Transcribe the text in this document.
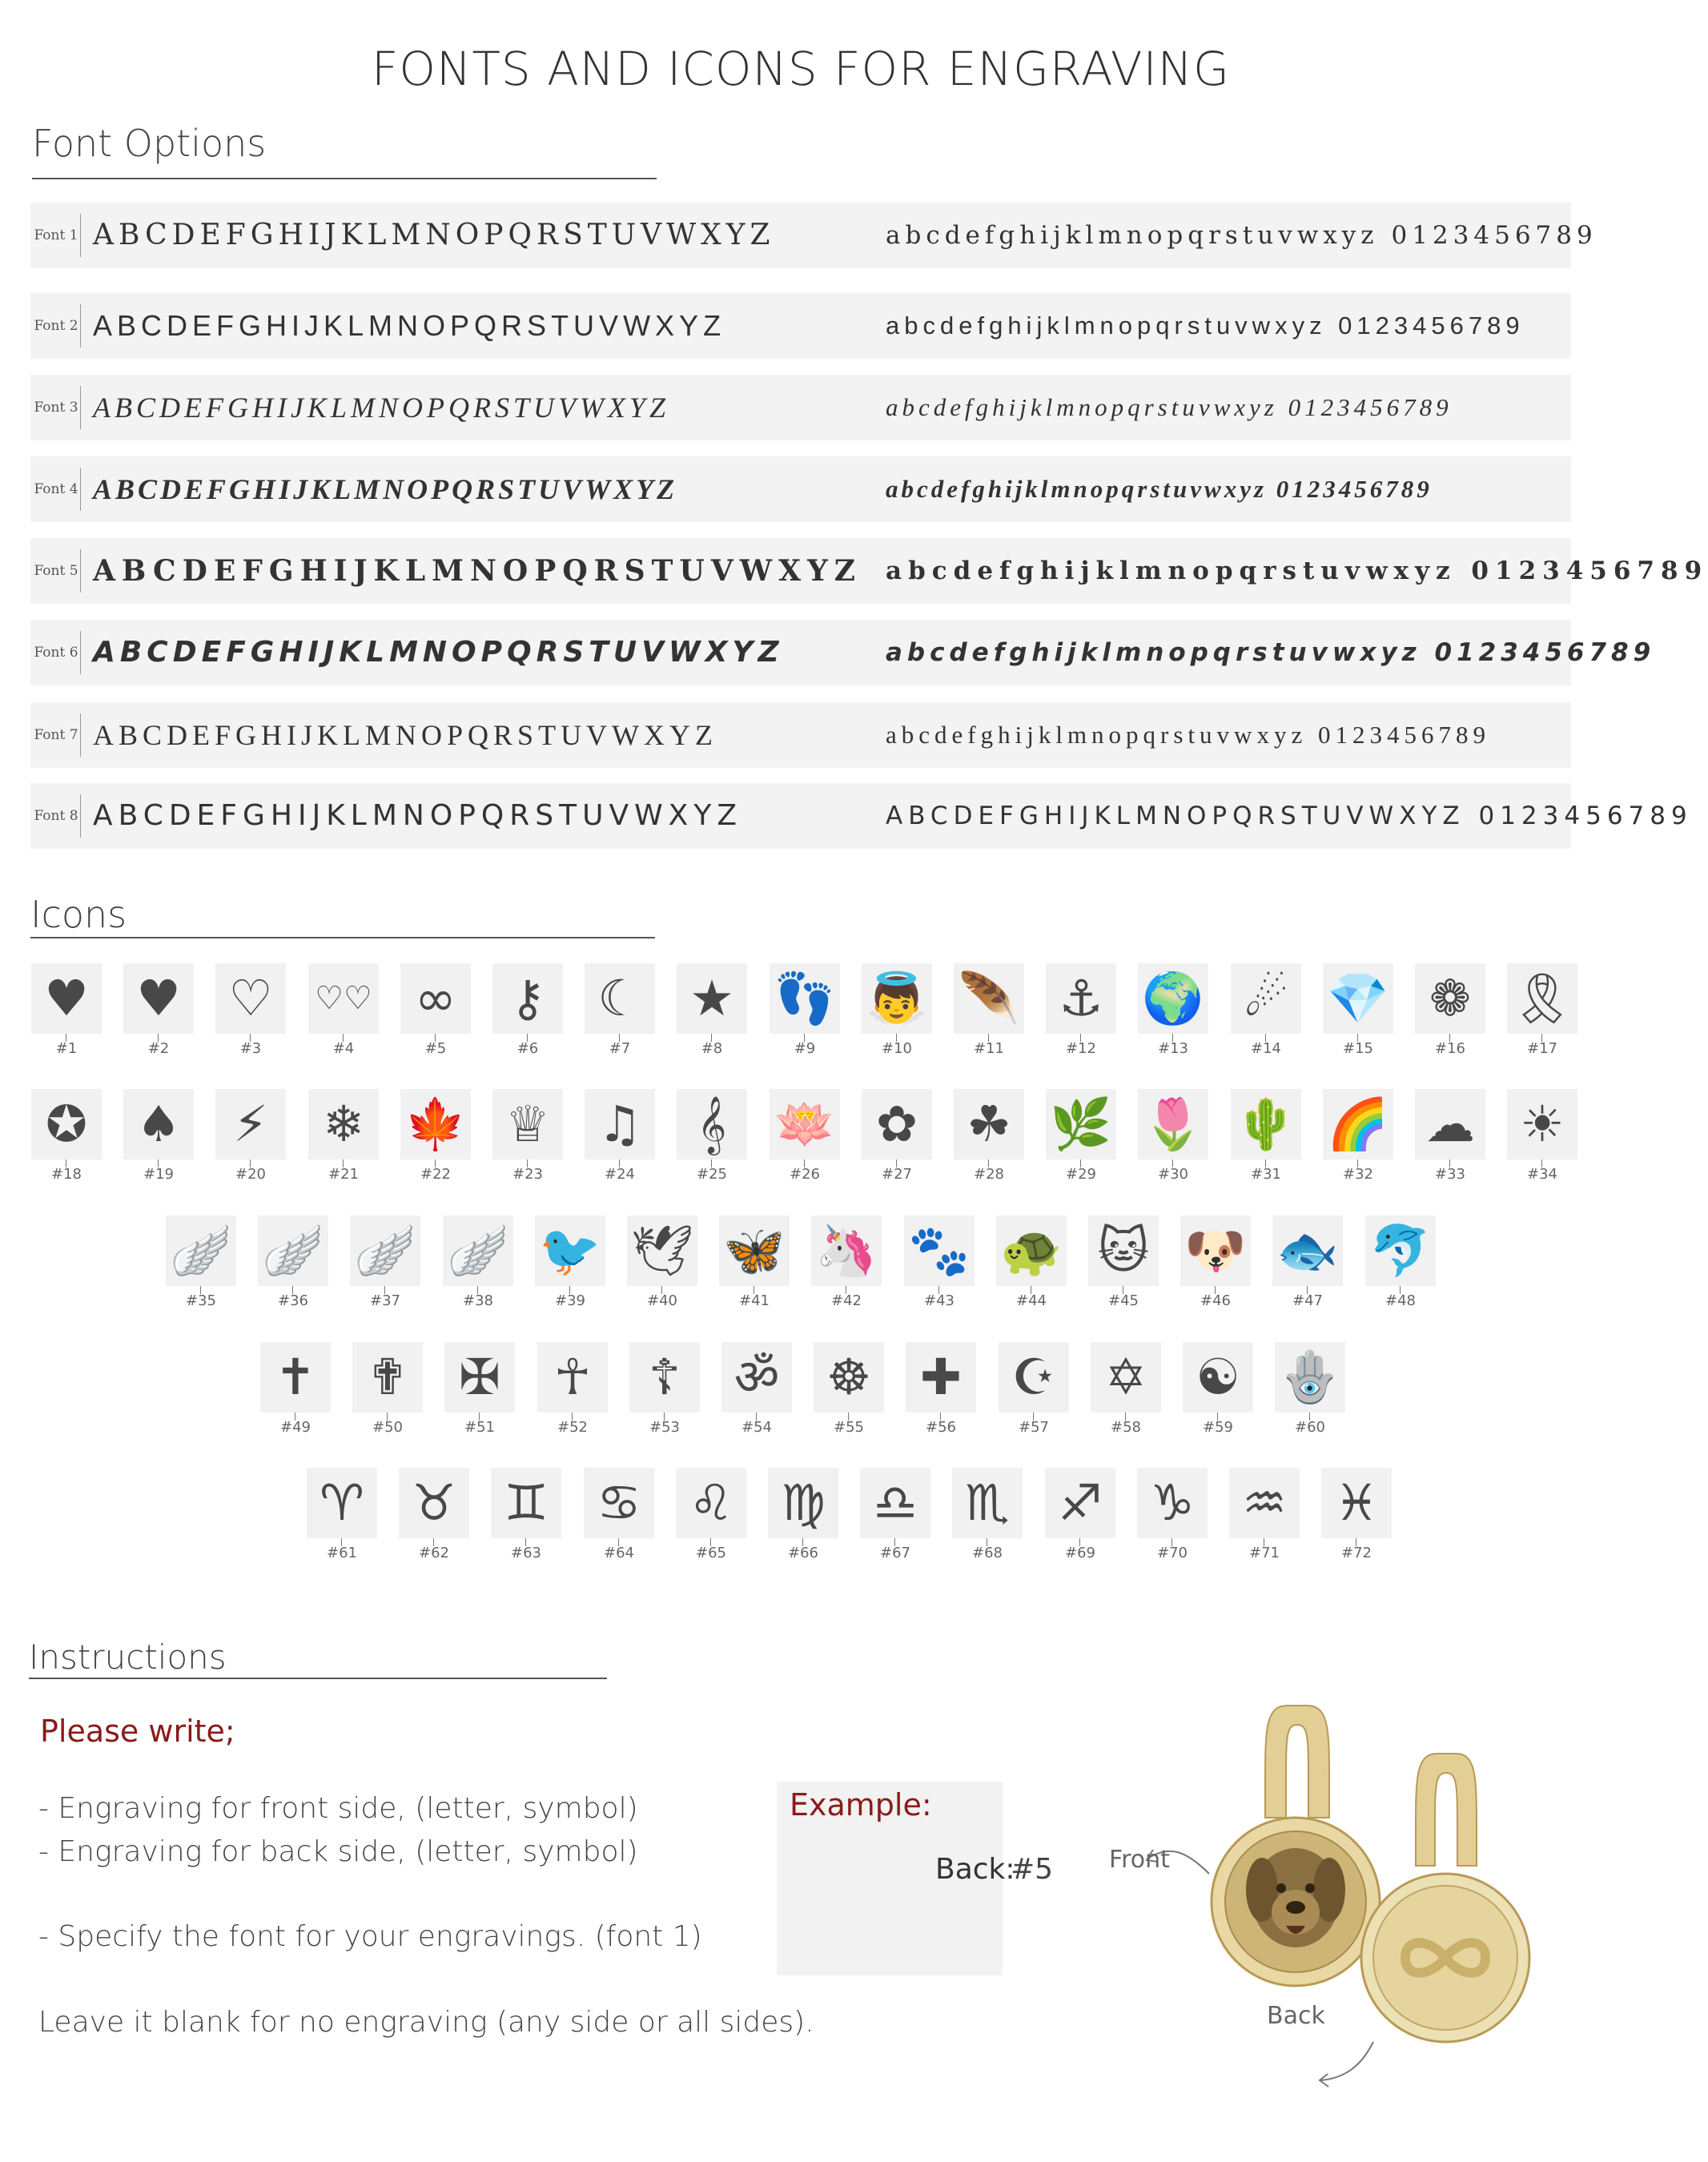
FONTS AND ICONS FOR ENGRAVING
Font Options
Font 1 ABCDEFGHIJKLMNOPQRSTUVWXYZ	abcdefghijklmnopqrstuvwxyz 0123456789
Font 2 ABCDEFGHIJKLMNOPQRSTUVWXYZ	abcdefghijklmnopqrstuvwxyz 0123456789
Font 3 ABCDEFGHIJKLMNOPQRSTUVWXYZ	abcdefghijklmnopqrstuvwxyz 0123456789
Font 4 ABCDEFGHIJKLMNOPQRSTUVWXYZ	abcdefghijklmnopqrstuvwxyz 0123456789
Font 5 ABCDEFGHIJKLMNOPQRSTUVWXYZ abcdefghijklmnopqrstuvwxyz 0123456789
Font 6 ABCDEFGHIJKLMNOPQRSTUVWXYZ	abcdefghijklmnopqrstuvwxyz 0123456789
Font 7 ABCDEFGHIJKLMNOPQRSTUVWXYZ	abcdefghijklmnopqrstuvwxyz 0123456789
Font 8 ABCDEFGHIJKLMNOPQRSTUVWXYZ	ABCDEFGHIJKLMNOPQRSTUVWXYZ 0123456789
Icons
♥
#1
♥
#2
♡
#3
♡♡
#4
∞
#5
⚷
#6
☾
#7
★
#8
👣
#9
👼
#10
🪶
#11
⚓
#12
🌍
#13
☄
#14
💎
#15
❁
#16
🎗
#17
✪
#18
♠
#19
⚡
#20
❄
#21
🍁
#22
♕
#23
♫
#24
𝄞
#25
🪷
#26
✿
#27
☘
#28
🌿
#29
🌷
#30
🌵
#31
🌈
#32
☁
#33
☀
#34
🪽
#35
🪽
#36
🪽
#37
🪽
#38
🐦
#39
🕊
#40
🦋
#41
🦄
#42
🐾
#43
🐢
#44
🐱
#45
🐶
#46
🐟
#47
🐬
#48
✝
#49
✟
#50
✠
#51
☥
#52
☦
#53
ॐ
#54
☸
#55
✚
#56
☪
#57
✡
#58
☯
#59
🪬
#60
♈
#61
♉
#62
♊
#63
♋
#64
♌
#65
♍
#66
♎
#67
♏
#68
♐
#69
♑
#70
♒
#71
♓
#72
Instructions
Please write;
- Engraving for front side, (letter, symbol)
- Engraving for back side, (letter, symbol)
- Specify the font for your engravings. (font 1)
Leave it blank for no engraving (any side or all sides).
Example:
Back:
#5 Front
Back
